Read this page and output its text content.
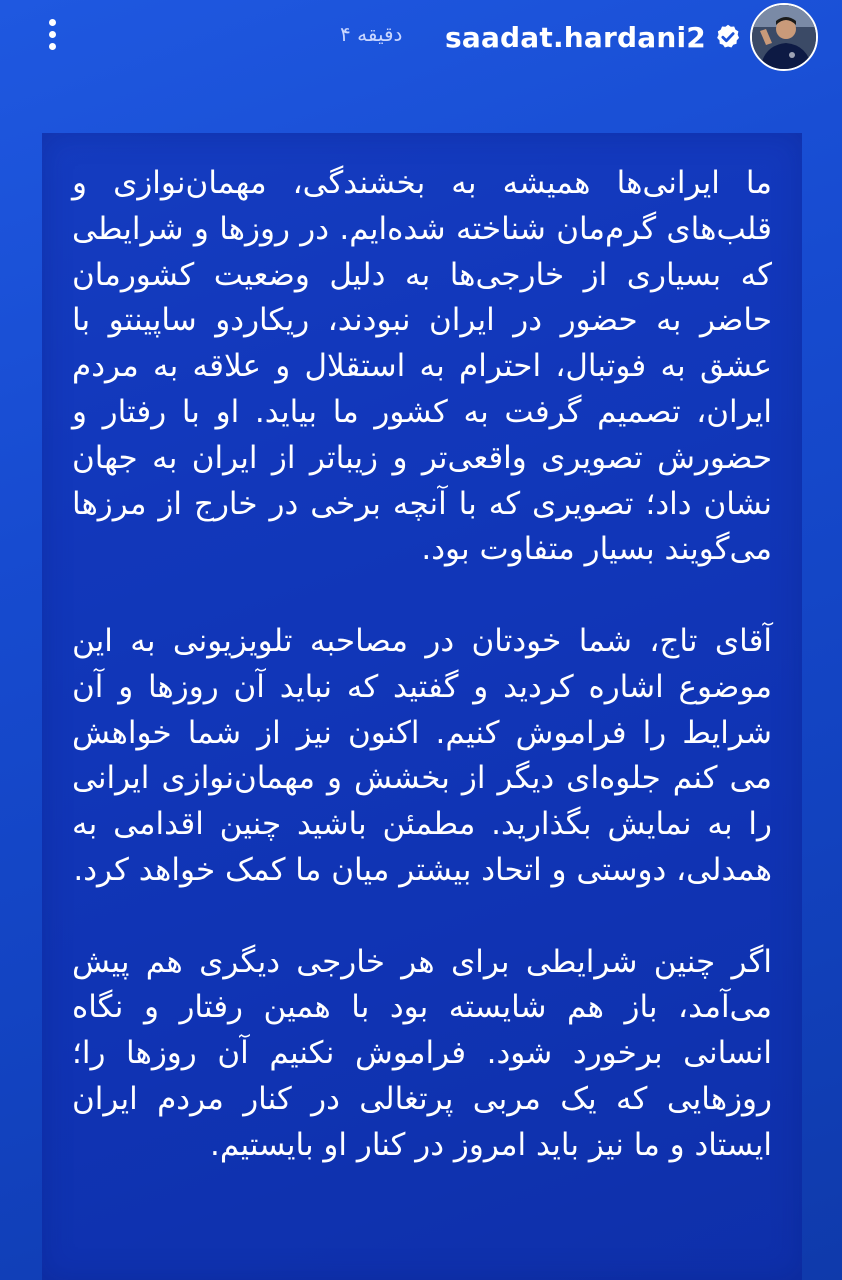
۴ دقیقه saadat.hardani2

ما ایرانی‌ها همیشه به بخشندگی، مهمان‌نوازی و قلب‌های گرم‌مان شناخته شده‌ایم. در روزها و شرایطی که بسیاری از خارجی‌ها به دلیل وضعیت کشورمان حاضر به حضور در ایران نبودند، ریکاردو ساپینتو با عشق به فوتبال، احترام به استقلال و علاقه به مردم ایران، تصمیم گرفت به کشور ما بیاید. او با رفتار و حضورش تصویری واقعی‌تر و زیباتر از ایران به جهان نشان داد؛ تصویری که با آنچه برخی در خارج از مرزها می‌گویند بسیار متفاوت بود.

آقای تاج، شما خودتان در مصاحبه تلویزیونی به این موضوع اشاره کردید و گفتید که نباید آن روزها و آن شرایط را فراموش کنیم. اکنون نیز از شما خواهش می کنم جلوه‌ای دیگر از بخشش و مهمان‌نوازی ایرانی را به نمایش بگذارید. مطمئن باشید چنین اقدامی به همدلی، دوستی و اتحاد بیشتر میان ما کمک خواهد کرد.

اگر چنین شرایطی برای هر خارجی دیگری هم پیش می‌آمد، باز هم شایسته بود با همین رفتار و نگاه انسانی برخورد شود. فراموش نکنیم آن روزها را؛ روزهایی که یک مربی پرتغالی در کنار مردم ایران ایستاد و ما نیز باید امروز در کنار او بایستیم.
